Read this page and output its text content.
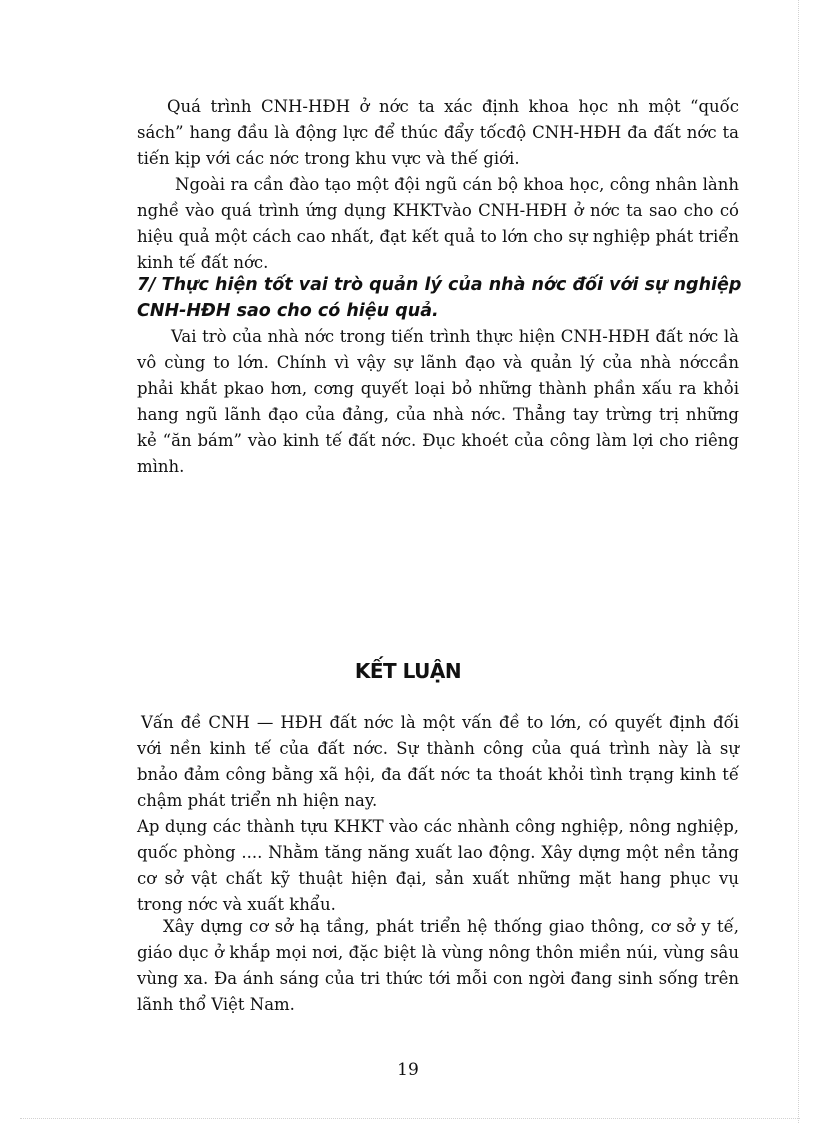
Quá trình CNH-HĐH ở nớc ta xác định khoa học nh một “quốc sách” hang đầu là động lực để thúc đẩy tốcđộ CNH-HĐH đa đất nớc ta tiến kịp với các nớc trong khu vực và thế giới.

Ngoài ra cần đào tạo một đội ngũ cán bộ khoa học, công nhân lành nghề vào quá trình ứng dụng KHKTvào CNH-HĐH ở nớc ta sao cho có hiệu quả một cách cao nhất, đạt kết quả to lớn cho sự nghiệp phát triển kinh tế đất nớc.

7/ Thực hiện tốt vai trò quản lý của nhà nớc đối với sự nghiệp CNH-HĐH sao cho có hiệu quả.

Vai trò của nhà nớc trong tiến trình thực hiện CNH-HĐH đất nớc là vô cùng to lớn. Chính vì vậy sự lãnh đạo và quản lý của nhà nớccần phải khắt pkao hơn, cơng quyết loại bỏ những thành phần xấu ra khỏi hang ngũ lãnh đạo của đảng, của nhà nớc. Thẳng tay trừng trị những kẻ “ăn bám” vào kinh tế đất nớc. Đục khoét của công làm lợi cho riêng mình.

KẾT LUẬN

Vấn đề CNH — HĐH đất nớc là một vấn đề to lớn, có quyết định đối với nền kinh tế của đất nớc. Sự thành công của quá trình này là sự bnảo đảm công bằng xã hội, đa đất nớc ta thoát khỏi tình trạng kinh tế chậm phát triển nh hiện nay.

Ap dụng các thành tựu KHKT vào các nhành công nghiệp, nông nghiệp, quốc phòng .... Nhằm tăng năng xuất lao động. Xây dựng một nền tảng cơ sở vật chất kỹ thuật hiện đại, sản xuất những mặt hang phục vụ trong nớc và xuất khẩu.

Xây dựng cơ sở hạ tầng, phát triển hệ thống giao thông, cơ sở y tế, giáo dục ở khắp mọi nơi, đặc biệt là vùng nông thôn miền núi, vùng sâu vùng xa. Đa ánh sáng của tri thức tới mỗi con ngời đang sinh sống trên lãnh thổ Việt Nam.

19
